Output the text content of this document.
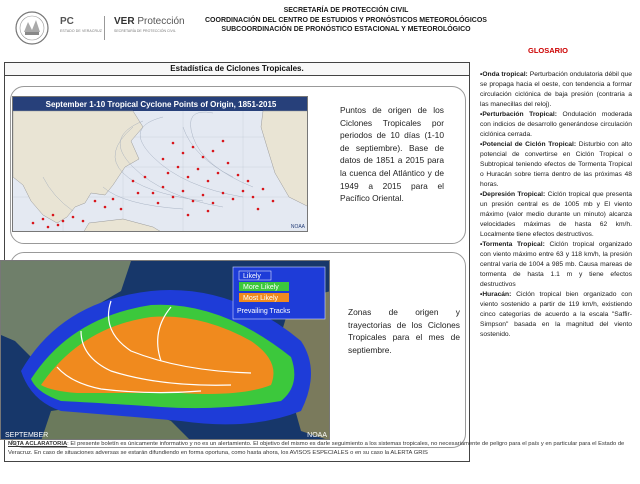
PC
ESTADO DE VERACRUZ
VER Protección
SECRETARÍA DE PROTECCIÓN CIVIL
SECRETARÍA DE PROTECCIÓN CIVIL
COORDINACIÓN DEL CENTRO DE ESTUDIOS Y PRONÓSTICOS METEOROLÓGICOS
SUBCOORDINACIÓN DE PRONÓSTICO ESTACIONAL Y METEOROLÓGICO
GLOSARIO
Estadística de Ciclones Tropicales.
September 1-10 Tropical Cyclone Points of Origin, 1851-2015
NOAA
Puntos de origen de los Ciclones Tropicales por periodos de 10 días (1-10 de septiembre). Base de datos de 1851 a 2015 para la cuenca del Atlántico y de 1949 a 2015 para el Pacífico Oriental.
Likely
More Likely
Most Likely
Prevailing Tracks
SEPTEMBER	NOAA
Zonas de origen y trayectorias de los Ciclones Tropicales para el mes de septiembre.
NOTA ACLARATORIA: El presente boletín es únicamente informativo y no es un alertamiento. El objetivo del mismo es darle seguimiento a los sistemas tropicales, no necesariamente de peligro para el país y en particular para el Estado de Veracruz. En caso de situaciones adversas se estarán difundiendo en forma oportuna, como hasta ahora, los AVISOS ESPECIALES o en su caso la ALERTA GRIS

•Onda tropical: Perturbación ondulatoria débil que se propaga hacia el oeste, con tendencia a formar circulación ciclónica de baja presión (contraria a las manecillas del reloj).

•Perturbación Tropical: Ondulación moderada con indicios de desarrollo generándose circulación ciclónica cerrada.

•Potencial de Ciclón Tropical: Disturbio con alto potencial de convertirse en Ciclón Tropical o Subtropical teniendo efectos de Tormenta Tropical o Huracán sobre tierra dentro de las próximas 48 horas.

•Depresión Tropical: Ciclón tropical que presenta un presión central es de 1005 mb y El viento máximo (valor medio durante un minuto) alcanza velocidades máximas de hasta 62 km/h. Localmente tiene efectos destructivos.

•Tormenta Tropical: Ciclón tropical organizado con viento máximo entre 63 y 118 km/h, la presión central varía de 1004 a 985 mb. Causa mareas de tormenta de hasta 1.1 m y tiene efectos destructivos

•Huracán: Ciclón tropical bien organizado con viento sostenido a partir de 119 km/h, existiendo cinco categorías de acuerdo a la escala "Saffir-Simpson" basada en la magnitud del viento sostenido.
